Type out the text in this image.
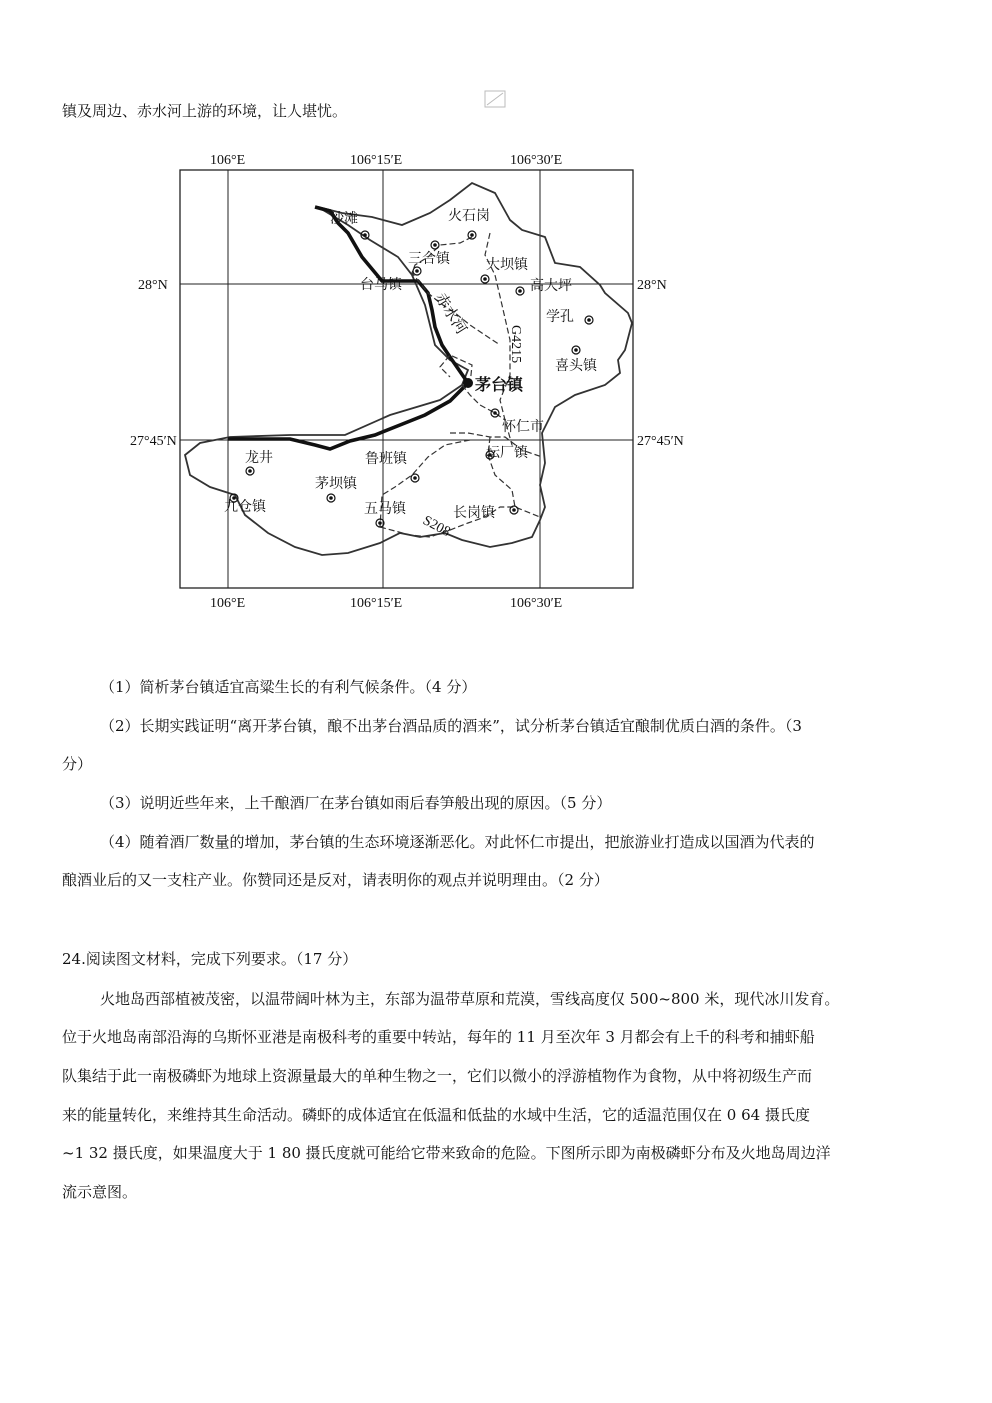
镇及周边、赤水河上游的环境，让人堪忧。
106°E	106°15′E	106°30′E
106°E	106°15′E	106°30′E
28°N	28°N
27°45′N	27°45′N
沙滩	火石岗
三合镇	大坝镇
高大坪
台马镇
学孔
喜头镇
茅台镇
怀仁市
坛厂镇
龙井	鲁班镇
茅坝镇
九仓镇	五马镇	长岗镇
赤水河
G4215
S208
（1）简析茅台镇适宜高粱生长的有利气候条件。（4 分）
（2）长期实践证明“离开茅台镇，酿不出茅台酒品质的酒来”，试分析茅台镇适宜酿制优质白酒的条件。（3
分）
（3）说明近些年来，上千酿酒厂在茅台镇如雨后春笋般出现的原因。（5 分）
（4）随着酒厂数量的增加，茅台镇的生态环境逐渐恶化。对此怀仁市提出，把旅游业打造成以国酒为代表的
酿酒业后的又一支柱产业。你赞同还是反对，请表明你的观点并说明理由。（2 分）
24.阅读图文材料，完成下列要求。（17 分）
火地岛西部植被茂密，以温带阔叶林为主，东部为温带草原和荒漠，雪线高度仅 500~800 米，现代冰川发育。
位于火地岛南部沿海的乌斯怀亚港是南极科考的重要中转站，每年的 11 月至次年 3 月都会有上千的科考和捕虾船
队集结于此一南极磷虾为地球上资源量最大的单种生物之一，它们以微小的浮游植物作为食物，从中将初级生产而
来的能量转化，来维持其生命活动。磷虾的成体适宜在低温和低盐的水域中生活，它的适温范围仅在 0 64 摄氏度
~1 32 摄氏度，如果温度大于 1 80 摄氏度就可能给它带来致命的危险。下图所示即为南极磷虾分布及火地岛周边洋
流示意图。
